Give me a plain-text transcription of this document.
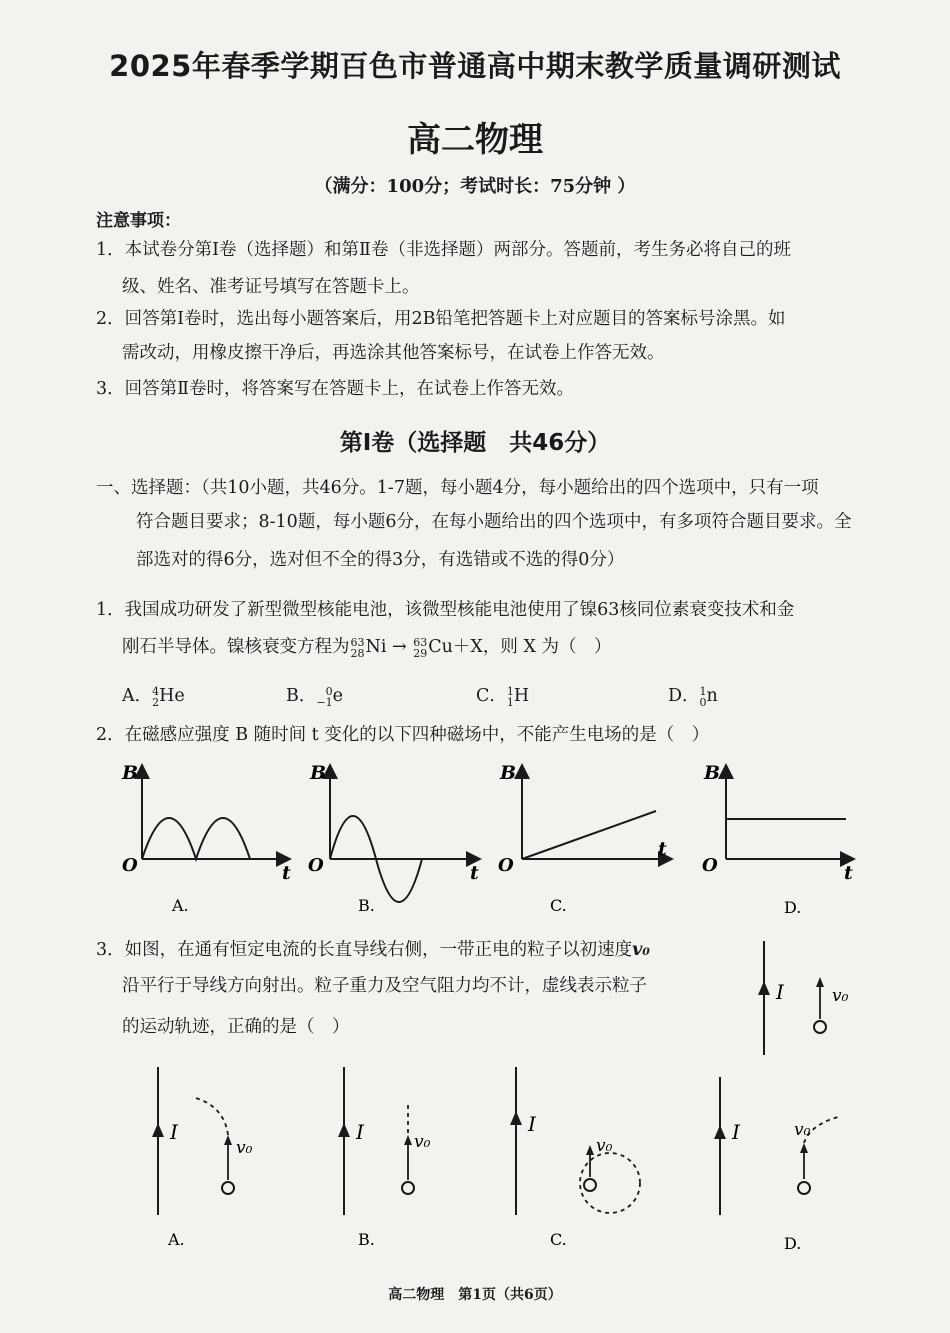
2025年春季学期百色市普通高中期末教学质量调研测试
高二物理
（满分：100分；考试时长：75分钟 ）
注意事项：
1．本试卷分第Ⅰ卷（选择题）和第Ⅱ卷（非选择题）两部分。答题前，考生务必将自己的班
级、姓名、准考证号填写在答题卡上。
2．回答第Ⅰ卷时，选出每小题答案后，用2B铅笔把答题卡上对应题目的答案标号涂黑。如
需改动，用橡皮擦干净后，再选涂其他答案标号，在试卷上作答无效。
3．回答第Ⅱ卷时，将答案写在答题卡上，在试卷上作答无效。
第Ⅰ卷（选择题　共46分）
一、选择题：（共10小题，共46分。1-7题，每小题4分，每小题给出的四个选项中，只有一项
符合题目要求；8-10题，每小题6分，在每小题给出的四个选项中，有多项符合题目要求。全
部选对的得6分，选对但不全的得3分，有选错或不选的得0分）
1．我国成功研发了新型微型核能电池，该微型核能电池使用了镍63核同位素衰变技术和金
刚石半导体。镍核衰变方程为 63
28 Ni → 63
29 Cu＋X，则 X 为（　）
A． 4
2 He	B． 0
−1 e	C． 1
1 H	D． 1
0 n
2．在磁感应强度 B 随时间 t 变化的以下四种磁场中，不能产生电场的是（　）
B
O	t
A.
B
O	t
B.
B
O
t
C.
B
O	t
D.
3．如图，在通有恒定电流的长直导线右侧，一带正电的粒子以初速度v₀
沿平行于导线方向射出。粒子重力及空气阻力均不计，虚线表示粒子
的运动轨迹，正确的是（　）
I	v₀
I
v₀
A.
I	v₀
B.
I
v₀
C.
I	v₀
D.
高二物理　第1页（共6页）
